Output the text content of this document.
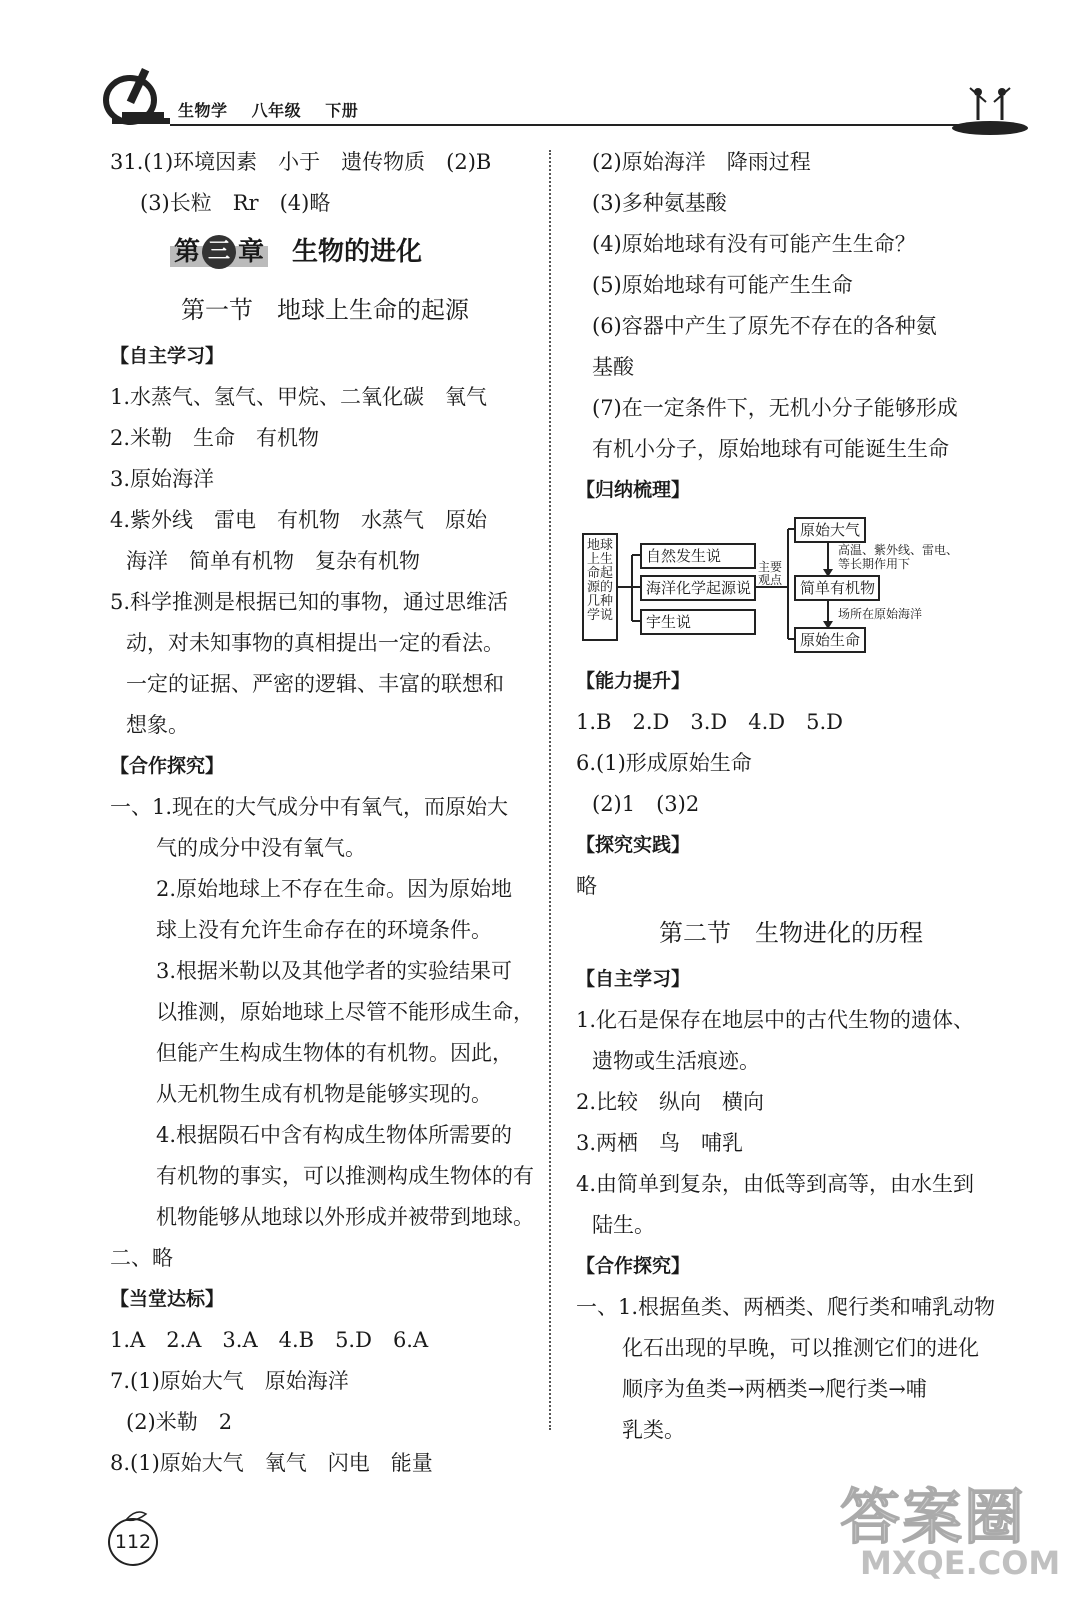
生物学 八年级 下册
31.(1)环境因素　小于　遗传物质　(2)B
(3)长粒　Rr　(4)略
第 三 章 生物的进化
第一节　地球上生命的起源
【自主学习】
1.水蒸气、氢气、甲烷、二氧化碳　氧气
2.米勒　生命　有机物
3.原始海洋
4.紫外线　雷电　有机物　水蒸气　原始
海洋　简单有机物　复杂有机物
5.科学推测是根据已知的事物，通过思维活
动，对未知事物的真相提出一定的看法。
一定的证据、严密的逻辑、丰富的联想和
想象。
【合作探究】
一、1.现在的大气成分中有氧气，而原始大
气的成分中没有氧气。
2.原始地球上不存在生命。因为原始地
球上没有允许生命存在的环境条件。
3.根据米勒以及其他学者的实验结果可
以推测，原始地球上尽管不能形成生命，
但能产生构成生物体的有机物。因此，
从无机物生成有机物是能够实现的。
4.根据陨石中含有构成生物体所需要的
有机物的事实，可以推测构成生物体的有
机物能够从地球以外形成并被带到地球。
二、略
【当堂达标】
1.A　2.A　3.A　4.B　5.D　6.A
7.(1)原始大气　原始海洋
(2)米勒　2
8.(1)原始大气　氧气　闪电　能量
(2)原始海洋　降雨过程
(3)多种氨基酸
(4)原始地球有没有可能产生生命？
(5)原始地球有可能产生生命
(6)容器中产生了原先不存在的各种氨
基酸
(7)在一定条件下，无机小分子能够形成
有机小分子，原始地球有可能诞生生命
【归纳梳理】
地球上生命起源的几种学说
自然发生说
海洋化学起源说
宇生说
主要观点
原始大气
简单有机物
原始生命
高温、紫外线、雷电、
等长期作用下
场所在原始海洋
【能力提升】
1.B　2.D　3.D　4.D　5.D
6.(1)形成原始生命
(2)1　(3)2
【探究实践】
略
第二节　生物进化的历程
【自主学习】
1.化石是保存在地层中的古代生物的遗体、
遗物或生活痕迹。
2.比较　纵向　横向
3.两栖　鸟　哺乳
4.由简单到复杂，由低等到高等，由水生到
陆生。
【合作探究】
一、1.根据鱼类、两栖类、爬行类和哺乳动物
化石出现的早晚，可以推测它们的进化
顺序为鱼类→两栖类→爬行类→哺
乳类。
112	答案圈
MXQE.COM
